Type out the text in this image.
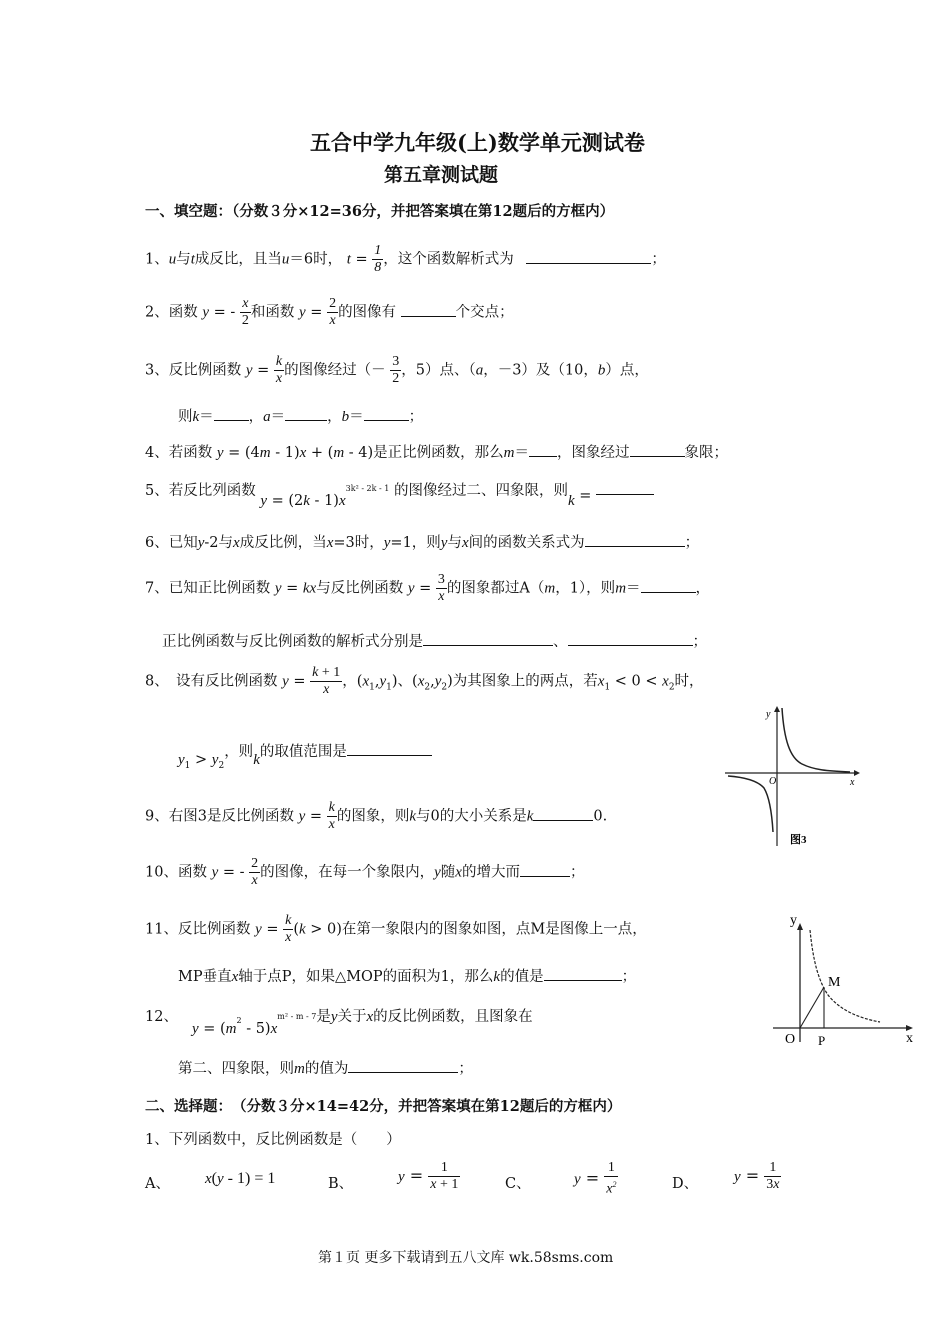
五合中学九年级(上)数学单元测试卷
第五章测试题
一、填空题：（分数３分×12=36分，并把答案填在第12题后的方框内）
1、u与t成反比，且当u＝6时， $t = \frac{1}{8}$ ，这个函数解析式为	；
2、函数 y = - $\frac{x}{2}$ 和函数 $y = \frac{2}{x}$ 的图像有	个交点；
3、反比例函数 $y = \frac{k}{x}$ 的图像经过（－ $\frac{3}{2}$ ，5）点、（a，－3）及（10，b）点，
则k＝ ，a＝	，b＝	；
4、若函数 y = (4m - 1)x + (m - 4)是正比例函数，那么m＝ ，图象经过	象限；
5、若反比列函数 $y = (2k - 1)x^{3k^2 - 2k - 1}$ 的图像经过二、四象限，则k =
6、已知y-2与x成反比例，当x=3时，y=1，则y与x间的函数关系式为	；
7、已知正比例函数 y = kx与反比例函数 $y = \frac{3}{x}$ 的图象都过A（m，1），则m＝	，
正比例函数与反比例函数的解析式分别是	、	；
8、　设有反比例函数 $y = \frac{k + 1}{x}$ ，$(x_1,y_1)$、$(x_2,y_2)$为其图象上的两点，若$x_1 < 0 < x_2$时，
$y_1 > y_2$，则k的取值范围是
y
x
O
图3
9、右图3是反比例函数 $y = \frac{k}{x}$ 的图象，则k与0的大小关系是k	0.
10、函数 y = - $\frac{2}{x}$ 的图像，在每一个象限内，y随x的增大而	；
11、反比例函数 $y = \frac{k}{x} (k > 0)$在第一象限内的图象如图，点M是图像上一点，
MP垂直x轴于点P，如果△MOP的面积为1，那么k的值是	；
y
x
O P
M
12、$y = (m^2 - 5)x^{m^2 - m - 7}$是y关于x的反比例函数，且图象在
第二、四象限，则m的值为	；
二、选择题：　（分数３分×14=42分，并把答案填在第12题后的方框内）
1、下列函数中，反比例函数是（　　）
A、 x(y - 1) = 1	B、	$y = \frac{1}{x + 1}$	C、	$y = \frac{1}{x^2}$	D、 $y = \frac{1}{3x}$
第１页 更多下载请到五八文库 wk.58sms.com
